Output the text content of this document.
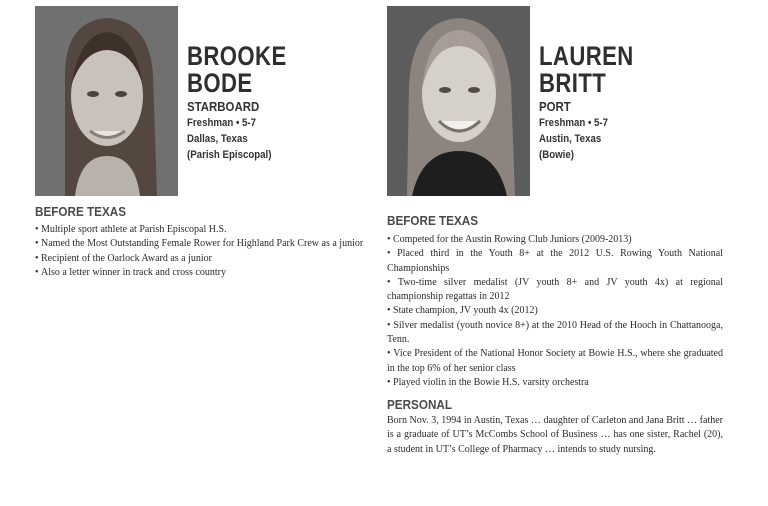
BROOKE
BODE
STARBOARD
Freshman • 5-7
Dallas, Texas
(Parish Episcopal)
BEFORE TEXAS

• Multiple sport athlete at Parish Episcopal H.S.

• Named the Most Outstanding Female Rower for Highland Park Crew as a junior

• Recipient of the Oarlock Award as a junior

• Also a letter winner in track and cross country

LAUREN
BRITT
PORT
Freshman • 5-7
Austin, Texas
(Bowie)
BEFORE TEXAS

• Competed for the Austin Rowing Club Juniors (2009-2013)

• Placed third in the Youth 8+ at the 2012 U.S. Rowing Youth National Championships

• Two-time silver medalist (JV youth 8+ and JV youth 4x) at regional championship regattas in 2012

• State champion, JV youth 4x (2012)

• Silver medalist (youth novice 8+) at the 2010 Head of the Hooch in Chattanooga, Tenn.

• Vice President of the National Honor Society at Bowie H.S., where she graduated in the top 6% of her senior class

• Played violin in the Bowie H.S. varsity orchestra

PERSONAL
Born Nov. 3, 1994 in Austin, Texas … daughter of Carleton and Jana Britt … father is a graduate of UT’s McCombs School of Business … has one sister, Rachel (20), a student in UT’s College of Pharmacy … intends to study nursing.
